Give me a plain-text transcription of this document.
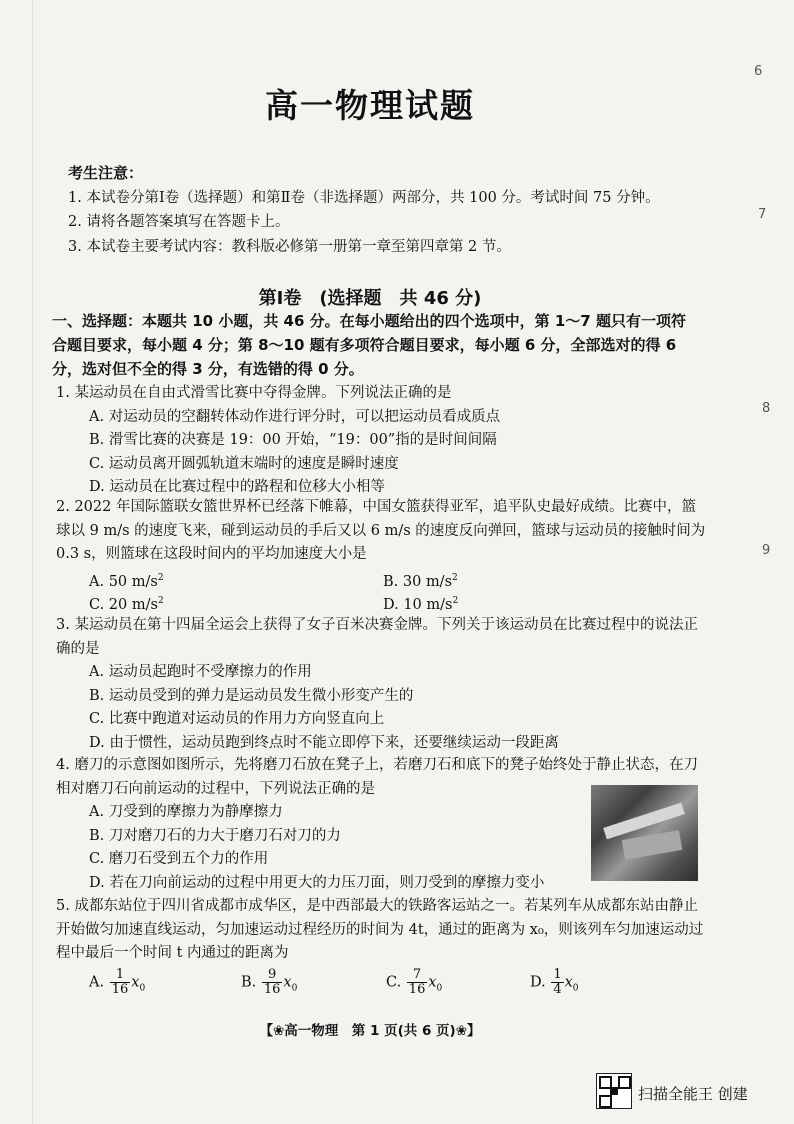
6
7
8
9
高一物理试题
考生注意：
1. 本试卷分第Ⅰ卷（选择题）和第Ⅱ卷（非选择题）两部分，共 100 分。考试时间 75 分钟。
2. 请将各题答案填写在答题卡上。
3. 本试卷主要考试内容：教科版必修第一册第一章至第四章第 2 节。
第Ⅰ卷　(选择题　共 46 分)
一、选择题：本题共 10 小题，共 46 分。在每小题给出的四个选项中，第 1～7 题只有一项符合题目要求，每小题 4 分；第 8～10 题有多项符合题目要求，每小题 6 分，全部选对的得 6 分，选对但不全的得 3 分，有选错的得 0 分。

1. 某运动员在自由式滑雪比赛中夺得金牌。下列说法正确的是

A. 对运动员的空翻转体动作进行评分时，可以把运动员看成质点

B. 滑雪比赛的决赛是 19：00 开始，“19：00”指的是时间间隔

C. 运动员离开圆弧轨道末端时的速度是瞬时速度

D. 运动员在比赛过程中的路程和位移大小相等

2. 2022 年国际篮联女篮世界杯已经落下帷幕，中国女篮获得亚军，追平队史最好成绩。比赛中，篮球以 9 m/s 的速度飞来，碰到运动员的手后又以 6 m/s 的速度反向弹回，篮球与运动员的接触时间为 0.3 s，则篮球在这段时间内的平均加速度大小是

A. 50 $m/s^2$	B. 30 $m/s^2$
C. 20 $m/s^2$	D. 10 $m/s^2$

3. 某运动员在第十四届全运会上获得了女子百米决赛金牌。下列关于该运动员在比赛过程中的说法正确的是

A. 运动员起跑时不受摩擦力的作用

B. 运动员受到的弹力是运动员发生微小形变产生的

C. 比赛中跑道对运动员的作用力方向竖直向上

D. 由于惯性，运动员跑到终点时不能立即停下来，还要继续运动一段距离

4. 磨刀的示意图如图所示，先将磨刀石放在凳子上，若磨刀石和底下的凳子始终处于静止状态，在刀相对磨刀石向前运动的过程中，下列说法正确的是

A. 刀受到的摩擦力为静摩擦力

B. 刀对磨刀石的力大于磨刀石对刀的力

C. 磨刀石受到五个力的作用

D. 若在刀向前运动的过程中用更大的力压刀面，则刀受到的摩擦力变小

5. 成都东站位于四川省成都市成华区，是中西部最大的铁路客运站之一。若某列车从成都东站由静止开始做匀加速直线运动，匀加速运动过程经历的时间为 4t，通过的距离为 x₀，则该列车匀加速运动过程中最后一个时间 t 内通过的距离为

A. $\frac{1}{16} x_0$	B. $\frac{9}{16} x_0$	C. $\frac{7}{16} x_0$	D. $\frac{1}{4} x_0$
【❀高一物理　第 1 页(共 6 页)❀】
扫描全能王 创建
